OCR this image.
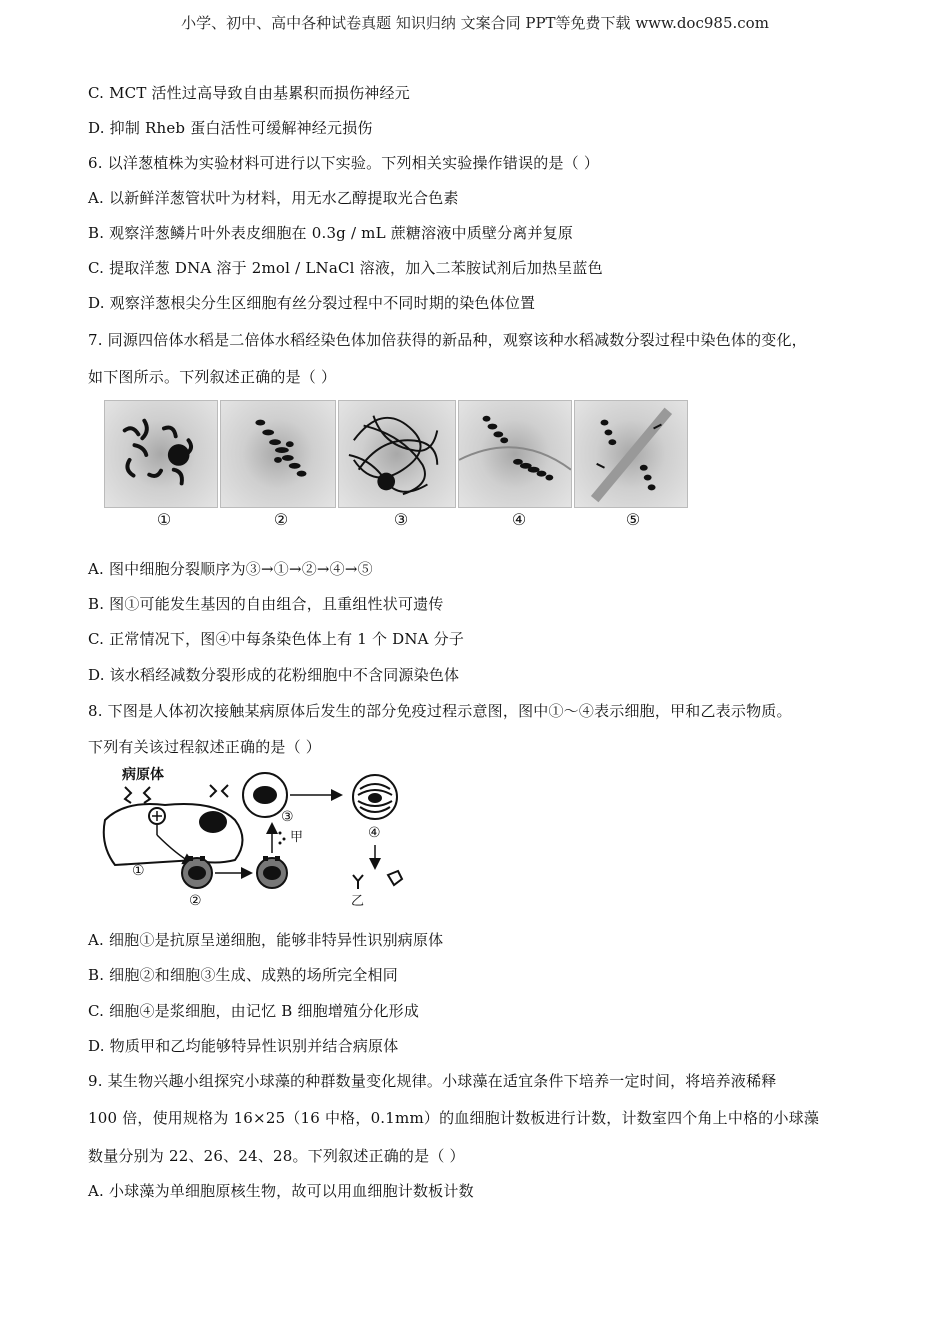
小学、初中、高中各种试卷真题 知识归纳 文案合同 PPT等免费下载 www.doc985.com
C. MCT 活性过高导致自由基累积而损伤神经元
D. 抑制 Rheb 蛋白活性可缓解神经元损伤
6. 以洋葱植株为实验材料可进行以下实验。下列相关实验操作错误的是（ ）
A. 以新鲜洋葱管状叶为材料，用无水乙醇提取光合色素
B. 观察洋葱鳞片叶外表皮细胞在 0.3g / mL 蔗糖溶液中质壁分离并复原
C. 提取洋葱 DNA 溶于 2mol / LNaCl 溶液，加入二苯胺试剂后加热呈蓝色
D. 观察洋葱根尖分生区细胞有丝分裂过程中不同时期的染色体位置
7. 同源四倍体水稻是二倍体水稻经染色体加倍获得的新品种，观察该种水稻减数分裂过程中染色体的变化，
如下图所示。下列叙述正确的是（ ）
①	②	③	④	⑤
A. 图中细胞分裂顺序为③→①→②→④→⑤
B. 图①可能发生基因的自由组合，且重组性状可遗传
C. 正常情况下，图④中每条染色体上有 1 个 DNA 分子
D. 该水稻经减数分裂形成的花粉细胞中不含同源染色体
8. 下图是人体初次接触某病原体后发生的部分免疫过程示意图，图中①～④表示细胞，甲和乙表示物质。
下列有关该过程叙述正确的是（ ）
病原体
①
②
甲
③
④
乙
A. 细胞①是抗原呈递细胞，能够非特异性识别病原体
B. 细胞②和细胞③生成、成熟的场所完全相同
C. 细胞④是浆细胞，由记忆 B 细胞增殖分化形成
D. 物质甲和乙均能够特异性识别并结合病原体
9. 某生物兴趣小组探究小球藻的种群数量变化规律。小球藻在适宜条件下培养一定时间，将培养液稀释
100 倍，使用规格为 16×25（16 中格，0.1mm）的血细胞计数板进行计数，计数室四个角上中格的小球藻
数量分别为 22、26、24、28。下列叙述正确的是（ ）
A. 小球藻为单细胞原核生物，故可以用血细胞计数板计数
